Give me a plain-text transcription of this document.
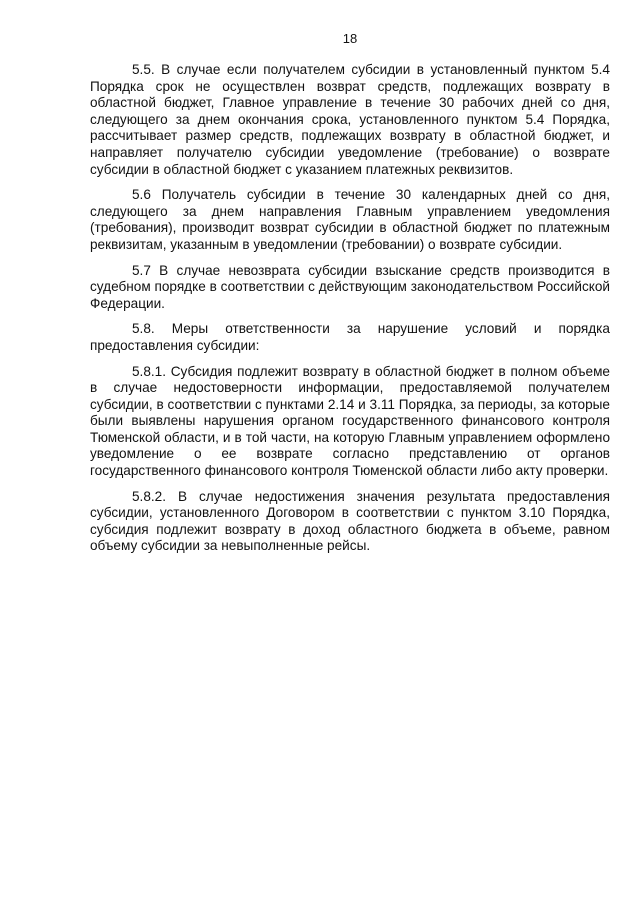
18

5.5. В случае если получателем субсидии в установленный пунктом 5.4 Порядка срок не осуществлен возврат средств, подлежащих возврату в областной бюджет, Главное управление в течение 30 рабочих дней со дня, следующего за днем окончания срока, установленного пунктом 5.4 Порядка, рассчитывает размер средств, подлежащих возврату в областной бюджет, и направляет получателю субсидии уведомление (требование) о возврате субсидии в областной бюджет с указанием платежных реквизитов.

5.6 Получатель субсидии в течение 30 календарных дней со дня, следующего за днем направления Главным управлением уведомления (требования), производит возврат субсидии в областной бюджет по платежным реквизитам, указанным в уведомлении (требовании) о возврате субсидии.

5.7 В случае невозврата субсидии взыскание средств производится в судебном порядке в соответствии с действующим законодательством Российской Федерации.

5.8. Меры ответственности за нарушение условий и порядка предоставления субсидии:

5.8.1. Субсидия подлежит возврату в областной бюджет в полном объеме в случае недостоверности информации, предоставляемой получателем субсидии, в соответствии с пунктами 2.14 и 3.11 Порядка, за периоды, за которые были выявлены нарушения органом государственного финансового контроля Тюменской области, и в той части, на которую Главным управлением оформлено уведомление о ее возврате согласно представлению от органов государственного финансового контроля Тюменской области либо акту проверки.

5.8.2. В случае недостижения значения результата предоставления субсидии, установленного Договором в соответствии с пунктом 3.10 Порядка, субсидия подлежит возврату в доход областного бюджета в объеме, равном объему субсидии за невыполненные рейсы.
